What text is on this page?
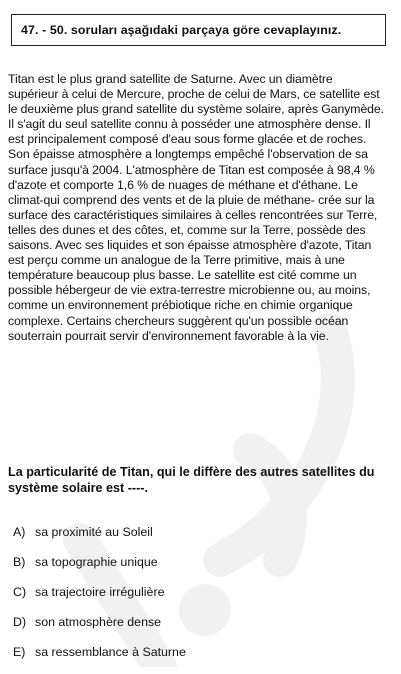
47. - 50. soruları aşağıdaki parçaya göre cevaplayınız.

Titan est le plus grand satellite de Saturne. Avec un diamètre supérieur à celui de Mercure, proche de celui de Mars, ce satellite est le deuxième plus grand satellite du système solaire, après Ganymède. Il s'agit du seul satellite connu à posséder une atmosphère dense. Il est principalement composé d'eau sous forme glacée et de roches. Son épaisse atmosphère a longtemps empêché l'observation de sa surface jusqu'à 2004. L'atmosphère de Titan est composée à 98,4 % d'azote et comporte 1,6 % de nuages de méthane et d'éthane. Le climat-qui comprend des vents et de la pluie de méthane- crée sur la surface des caractéristiques similaires à celles rencontrées sur Terre, telles des dunes et des côtes, et, comme sur la Terre, possède des saisons. Avec ses liquides et son épaisse atmosphère d'azote, Titan est perçu comme un analogue de la Terre primitive, mais à une température beaucoup plus basse. Le satellite est cité comme un possible hébergeur de vie extra-terrestre microbienne ou, au moins, comme un environnement prébiotique riche en chimie organique complexe. Certains chercheurs suggèrent qu'un possible océan souterrain pourrait servir d'environnement favorable à la vie.

La particularité de Titan, qui le diffère des autres satellites du système solaire est ----.

A) sa proximité au Soleil
B) sa topographie unique
C) sa trajectoire irrégulière
D) son atmosphère dense
E) sa ressemblance à Saturne
